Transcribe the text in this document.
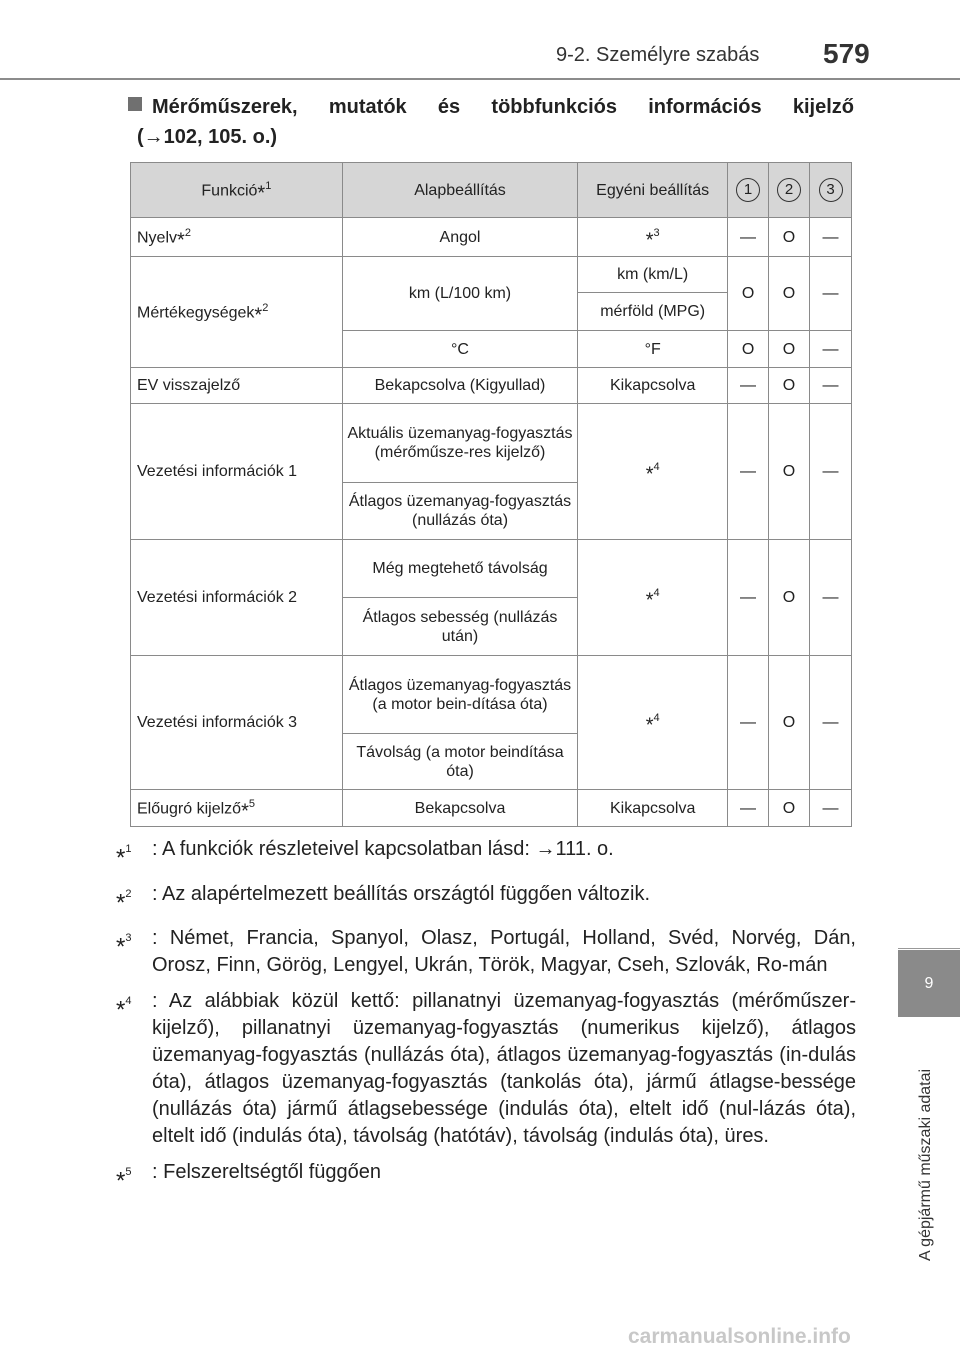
9-2. Személyre szabás 579
9
A gépjármű műszaki adatai
Mérőműszerek, mutatók és többfunkciós információs kijelző
(→102, 105. o.)
Funkció*$^1$	Alapbeállítás	Egyéni beállítás	1	2	3
Nyelv*$^2$	Angol	*$^3$	—	O	—
Mértékegységek*$^2$	km (L/100 km)	km (km/L)	O	O	—
		mérföld (MPG)			
	°C	°F	O	O	—
EV visszajelző	Bekapcsolva (Kigyullad)	Kikapcsolva	—	O	—
Vezetési információk 1	Aktuális üzemanyag-fogyasztás (mérőműsze-res kijelző)	*$^4$	—	O	—
	Átlagos üzemanyag-fogyasztás (nullázás óta)				
Vezetési információk 2	Még megtehető távolság	*$^4$	—	O	—
	Átlagos sebesség (nullázás után)				
Vezetési információk 3	Átlagos üzemanyag-fogyasztás (a motor bein-dítása óta)	*$^4$	—	O	—
	Távolság (a motor beindítása óta)				
Előugró kijelző*$^5$	Bekapcsolva	Kikapcsolva	—	O	—
*$^1$	: A funkciók részleteivel kapcsolatban lásd: →111. o.
*$^2$	: Az alapértelmezett beállítás országtól függően változik.
*$^3$	: Német, Francia, Spanyol, Olasz, Portugál, Holland, Svéd, Norvég, Dán, Orosz, Finn, Görög, Lengyel, Ukrán, Török, Magyar, Cseh, Szlovák, Ro-mán
*$^4$	: Az alábbiak közül kettő: pillanatnyi üzemanyag-fogyasztás (mérőműszer-kijelző), pillanatnyi üzemanyag-fogyasztás (numerikus kijelző), átlagos üzemanyag-fogyasztás (nullázás óta), átlagos üzemanyag-fogyasztás (in-dulás óta), átlagos üzemanyag-fogyasztás (tankolás óta), jármű átlagse-bessége (nullázás óta) jármű átlagsebessége (indulás óta), eltelt idő (nul-lázás óta), eltelt idő (indulás óta), távolság (hatótáv), távolság (indulás óta), üres.
*$^5$	: Felszereltségtől függően
carmanualsonline.info
